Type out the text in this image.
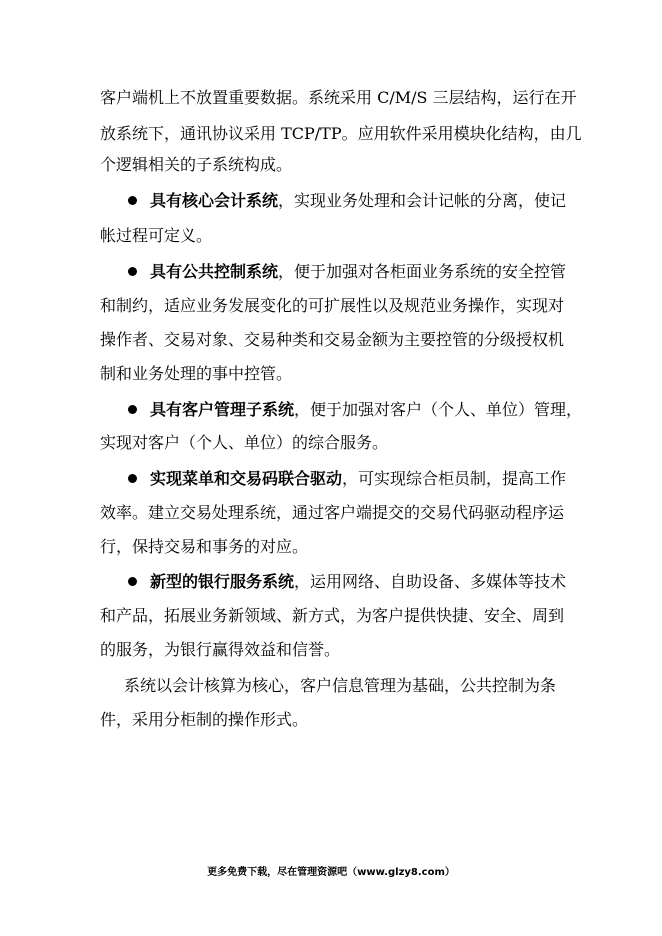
客户端机上不放置重要数据。系统采用 C/M/S 三层结构，运行在开
放系统下，通讯协议采用 TCP/TP。应用软件采用模块化结构，由几
个逻辑相关的子系统构成。
具有核心会计系统，实现业务处理和会计记帐的分离，使记
帐过程可定义。
具有公共控制系统，便于加强对各柜面业务系统的安全控管
和制约，适应业务发展变化的可扩展性以及规范业务操作，实现对
操作者、交易对象、交易种类和交易金额为主要控管的分级授权机
制和业务处理的事中控管。
具有客户管理子系统，便于加强对客户（个人、单位）管理，
实现对客户（个人、单位）的综合服务。
实现菜单和交易码联合驱动，可实现综合柜员制，提高工作
效率。建立交易处理系统，通过客户端提交的交易代码驱动程序运
行，保持交易和事务的对应。
新型的银行服务系统，运用网络、自助设备、多媒体等技术
和产品，拓展业务新领域、新方式，为客户提供快捷、安全、周到
的服务，为银行赢得效益和信誉。
系统以会计核算为核心，客户信息管理为基础，公共控制为条
件，采用分柜制的操作形式。
更多免费下载，尽在管理资源吧（www.glzy8.com）
